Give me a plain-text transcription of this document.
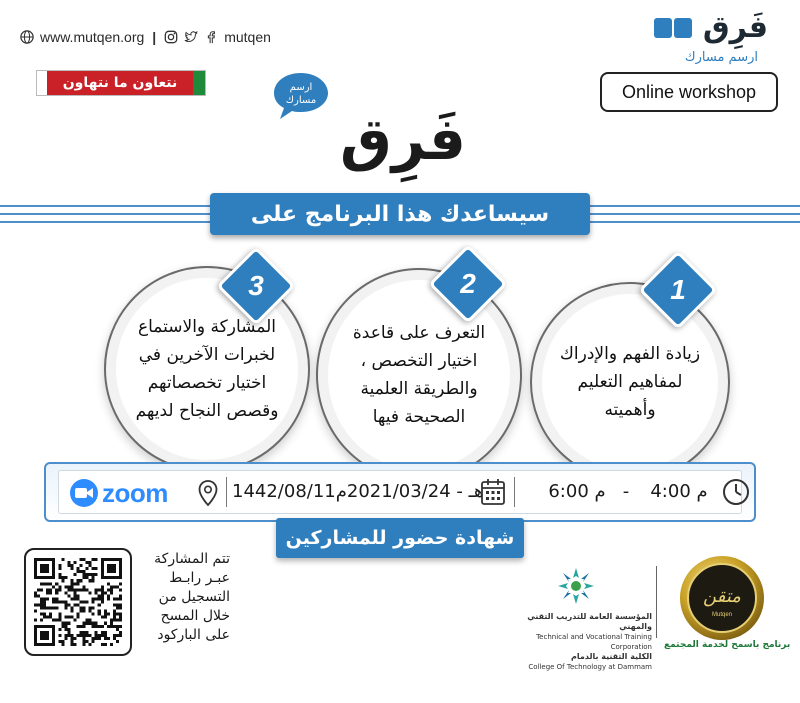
www.mutqen.org |	mutqen	فَرِق
ارسم مسارك
نتعاون ما نتهاون	Online workshop
ارسم
مسارك
فَرِق
سيساعدك هذا البرنامج على
زيادة الفهم والإدراك لمفاهيم التعليم وأهميته
1
التعرف على قاعدة اختيار التخصص ، والطريقة العلمية الصحيحة فيها
2
المشاركة والاستماع لخبرات الآخرين في اختيار تخصصاتهم وقصص النجاح لديهم
3
zoom	1442/08/11هـ - 2021/03/24م	6:00 م -	4:00 م
شهادة حضور للمشاركين
تتم المشاركة
عبـر رابـط
التسجيل من
خلال المسح
على الباركود
المؤسسة العامة للتدريب التقني والمهني
Technical and Vocational Training Corporation
الكلية التقنية بالدمام
College Of Technology at Dammam
متقن
Mutqen
برنامج باسمح لخدمة المجتمع
